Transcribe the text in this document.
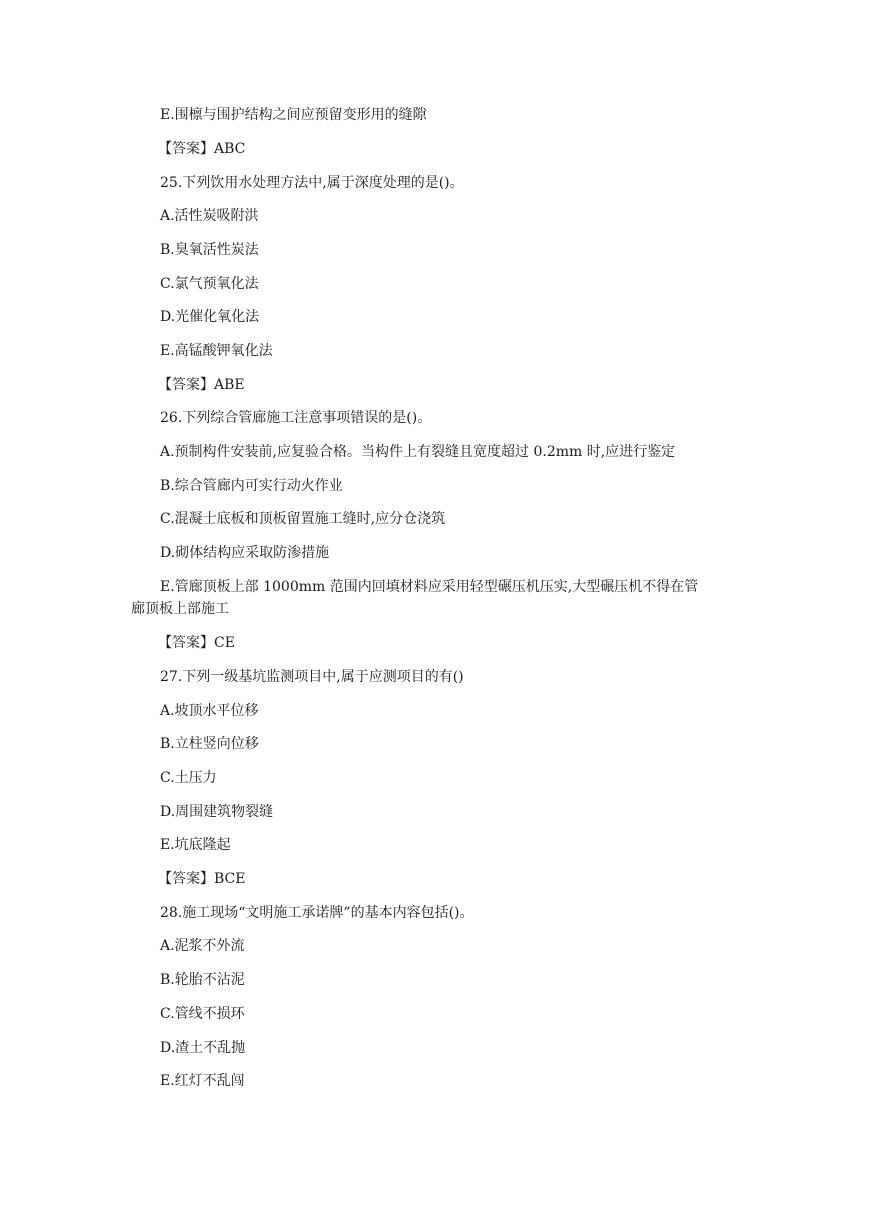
E.围檩与围护结构之间应预留变形用的缝隙
【答案】ABC
25.下列饮用水处理方法中,属于深度处理的是()。
A.活性炭吸附洪
B.臭氧活性炭法
C.氯气预氧化法
D.光催化氧化法
E.高锰酸钾氧化法
【答案】ABE
26.下列综合管廊施工注意事项错误的是()。
A.预制构件安装前,应复验合格。当构件上有裂缝且宽度超过 0.2mm 时,应进行鉴定
B.综合管廊内可实行动火作业
C.混凝士底板和顶板留置施工缝时,应分仓浇筑
D.砌体结构应采取防渗措施
E.管廊顶板上部 1000mm 范围内回填材料应采用轻型碾压机压实,大型碾压机不得在管
廊顶板上部施工
【答案】CE
27.下列一级基坑监测项目中,属于应测项目的有()
A.坡顶水平位移
B.立柱竖向位移
C.土压力
D.周围建筑物裂缝
E.坑底隆起
【答案】BCE
28.施工现场“文明施工承诺牌”的基本内容包括()。
A.泥浆不外流
B.轮胎不沾泥
C.管线不损环
D.渣土不乱抛
E.红灯不乱闯
